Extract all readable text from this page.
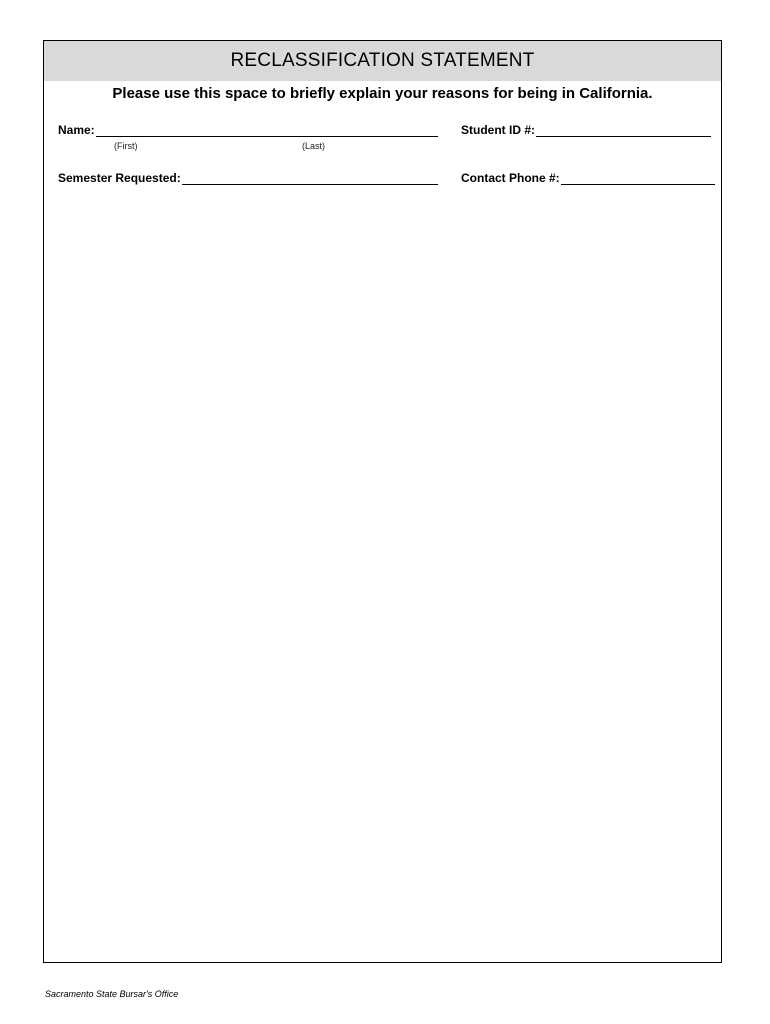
RECLASSIFICATION STATEMENT
Please use this space to briefly explain your reasons for being in California.
Name:
(First)	(Last)
Student ID #:
Semester Requested:	Contact Phone #:
Sacramento State Bursar's Office
